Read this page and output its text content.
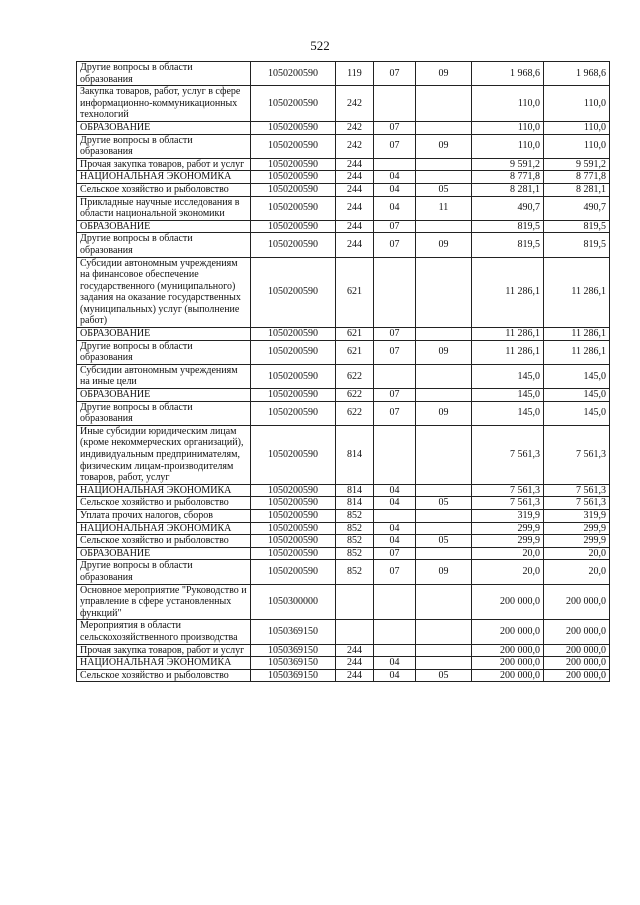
522
Другие вопросы в области образования	1050200590	119	07	09	1 968,6	1 968,6
Закупка товаров, работ, услуг в сфере информационно-коммуникационных технологий	1050200590	242			110,0	110,0
ОБРАЗОВАНИЕ	1050200590	242	07		110,0	110,0
Другие вопросы в области образования	1050200590	242	07	09	110,0	110,0
Прочая закупка товаров, работ и услуг	1050200590	244			9 591,2	9 591,2
НАЦИОНАЛЬНАЯ ЭКОНОМИКА	1050200590	244	04		8 771,8	8 771,8
Сельское хозяйство и рыболовство	1050200590	244	04	05	8 281,1	8 281,1
Прикладные научные исследования в области национальной экономики	1050200590	244	04	11	490,7	490,7
ОБРАЗОВАНИЕ	1050200590	244	07		819,5	819,5
Другие вопросы в области образования	1050200590	244	07	09	819,5	819,5
Субсидии автономным учреждениям на финансовое обеспечение государственного (муниципального) задания на оказание государственных (муниципальных) услуг (выполнение работ)	1050200590	621			11 286,1	11 286,1
ОБРАЗОВАНИЕ	1050200590	621	07		11 286,1	11 286,1
Другие вопросы в области образования	1050200590	621	07	09	11 286,1	11 286,1
Субсидии автономным учреждениям на иные цели	1050200590	622			145,0	145,0
ОБРАЗОВАНИЕ	1050200590	622	07		145,0	145,0
Другие вопросы в области образования	1050200590	622	07	09	145,0	145,0
Иные субсидии юридическим лицам (кроме некоммерческих организаций), индивидуальным предпринимателям, физическим лицам-производителям товаров, работ, услуг	1050200590	814			7 561,3	7 561,3
НАЦИОНАЛЬНАЯ ЭКОНОМИКА	1050200590	814	04		7 561,3	7 561,3
Сельское хозяйство и рыболовство	1050200590	814	04	05	7 561,3	7 561,3
Уплата прочих налогов, сборов	1050200590	852			319,9	319,9
НАЦИОНАЛЬНАЯ ЭКОНОМИКА	1050200590	852	04		299,9	299,9
Сельское хозяйство и рыболовство	1050200590	852	04	05	299,9	299,9
ОБРАЗОВАНИЕ	1050200590	852	07		20,0	20,0
Другие вопросы в области образования	1050200590	852	07	09	20,0	20,0
Основное мероприятие "Руководство и управление в сфере установленных функций"	1050300000				200 000,0	200 000,0
Мероприятия в области сельскохозяйственного производства	1050369150				200 000,0	200 000,0
Прочая закупка товаров, работ и услуг	1050369150	244			200 000,0	200 000,0
НАЦИОНАЛЬНАЯ ЭКОНОМИКА	1050369150	244	04		200 000,0	200 000,0
Сельское хозяйство и рыболовство	1050369150	244	04	05	200 000,0	200 000,0
